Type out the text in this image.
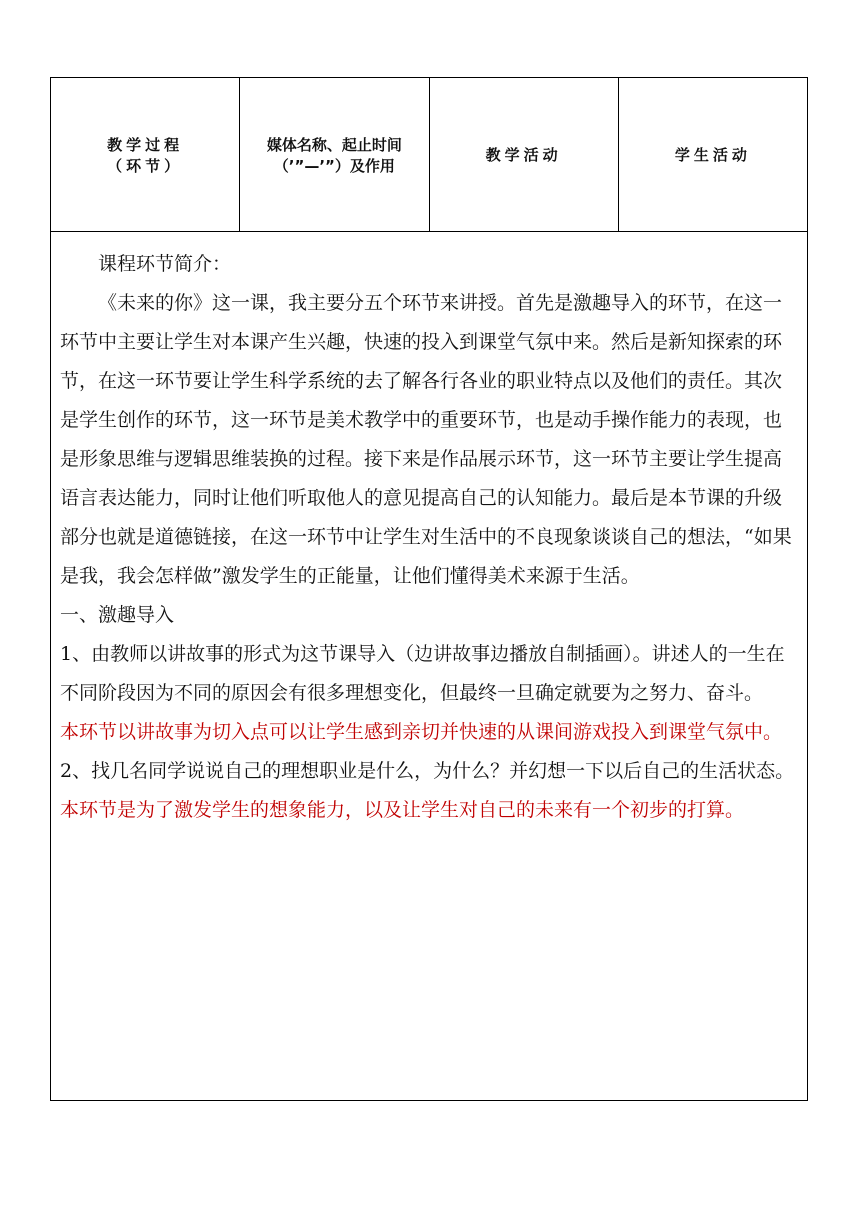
教学过程
（环节）
媒体名称、起止时间
（’”—’”）及作用
教学活动	学生活动

课程环节简介：

《未来的你》这一课，我主要分五个环节来讲授。首先是激趣导入的环节，在这一环节中主要让学生对本课产生兴趣，快速的投入到课堂气氛中来。然后是新知探索的环节，在这一环节要让学生科学系统的去了解各行各业的职业特点以及他们的责任。其次是学生创作的环节，这一环节是美术教学中的重要环节，也是动手操作能力的表现，也是形象思维与逻辑思维装换的过程。接下来是作品展示环节，这一环节主要让学生提高语言表达能力，同时让他们听取他人的意见提高自己的认知能力。最后是本节课的升级部分也就是道德链接，在这一环节中让学生对生活中的不良现象谈谈自己的想法，“如果是我，我会怎样做”激发学生的正能量，让他们懂得美术来源于生活。

一、激趣导入

1、由教师以讲故事的形式为这节课导入（边讲故事边播放自制插画）。讲述人的一生在不同阶段因为不同的原因会有很多理想变化，但最终一旦确定就要为之努力、奋斗。

本环节以讲故事为切入点可以让学生感到亲切并快速的从课间游戏投入到课堂气氛中。

2、找几名同学说说自己的理想职业是什么，为什么？并幻想一下以后自己的生活状态。

本环节是为了激发学生的想象能力，以及让学生对自己的未来有一个初步的打算。
